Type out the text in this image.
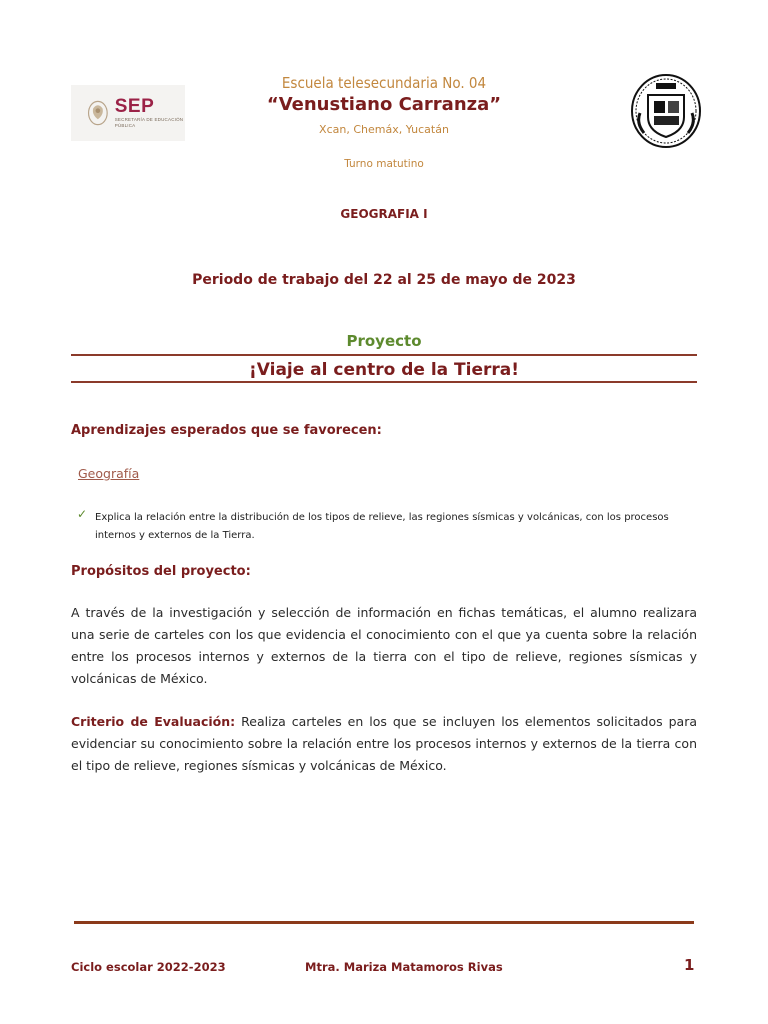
SEP
SECRETARÍA DE EDUCACIÓN PÚBLICA
Escuela telesecundaria No. 04
“Venustiano Carranza”
Xcan, Chemáx, Yucatán
Turno matutino
GEOGRAFIA I
Periodo de trabajo del 22 al 25 de mayo de 2023
Proyecto
¡Viaje al centro de la Tierra!
Aprendizajes esperados que se favorecen:
Geografía
✓ Explica la relación entre la distribución de los tipos de relieve, las regiones sísmicas y volcánicas, con los procesos internos y externos de la Tierra.
Propósitos del proyecto:
A través de la investigación y selección de información en fichas temáticas, el alumno realizara una serie de carteles con los que evidencia el conocimiento con el que ya cuenta sobre la relación entre los procesos internos y externos de la tierra con el tipo de relieve, regiones sísmicas y volcánicas de México.
Criterio de Evaluación: Realiza carteles en los que se incluyen los elementos solicitados para evidenciar su conocimiento sobre la relación entre los procesos internos y externos de la tierra con el tipo de relieve, regiones sísmicas y volcánicas de México.
Ciclo escolar 2022-2023	Mtra. Mariza Matamoros Rivas	1
